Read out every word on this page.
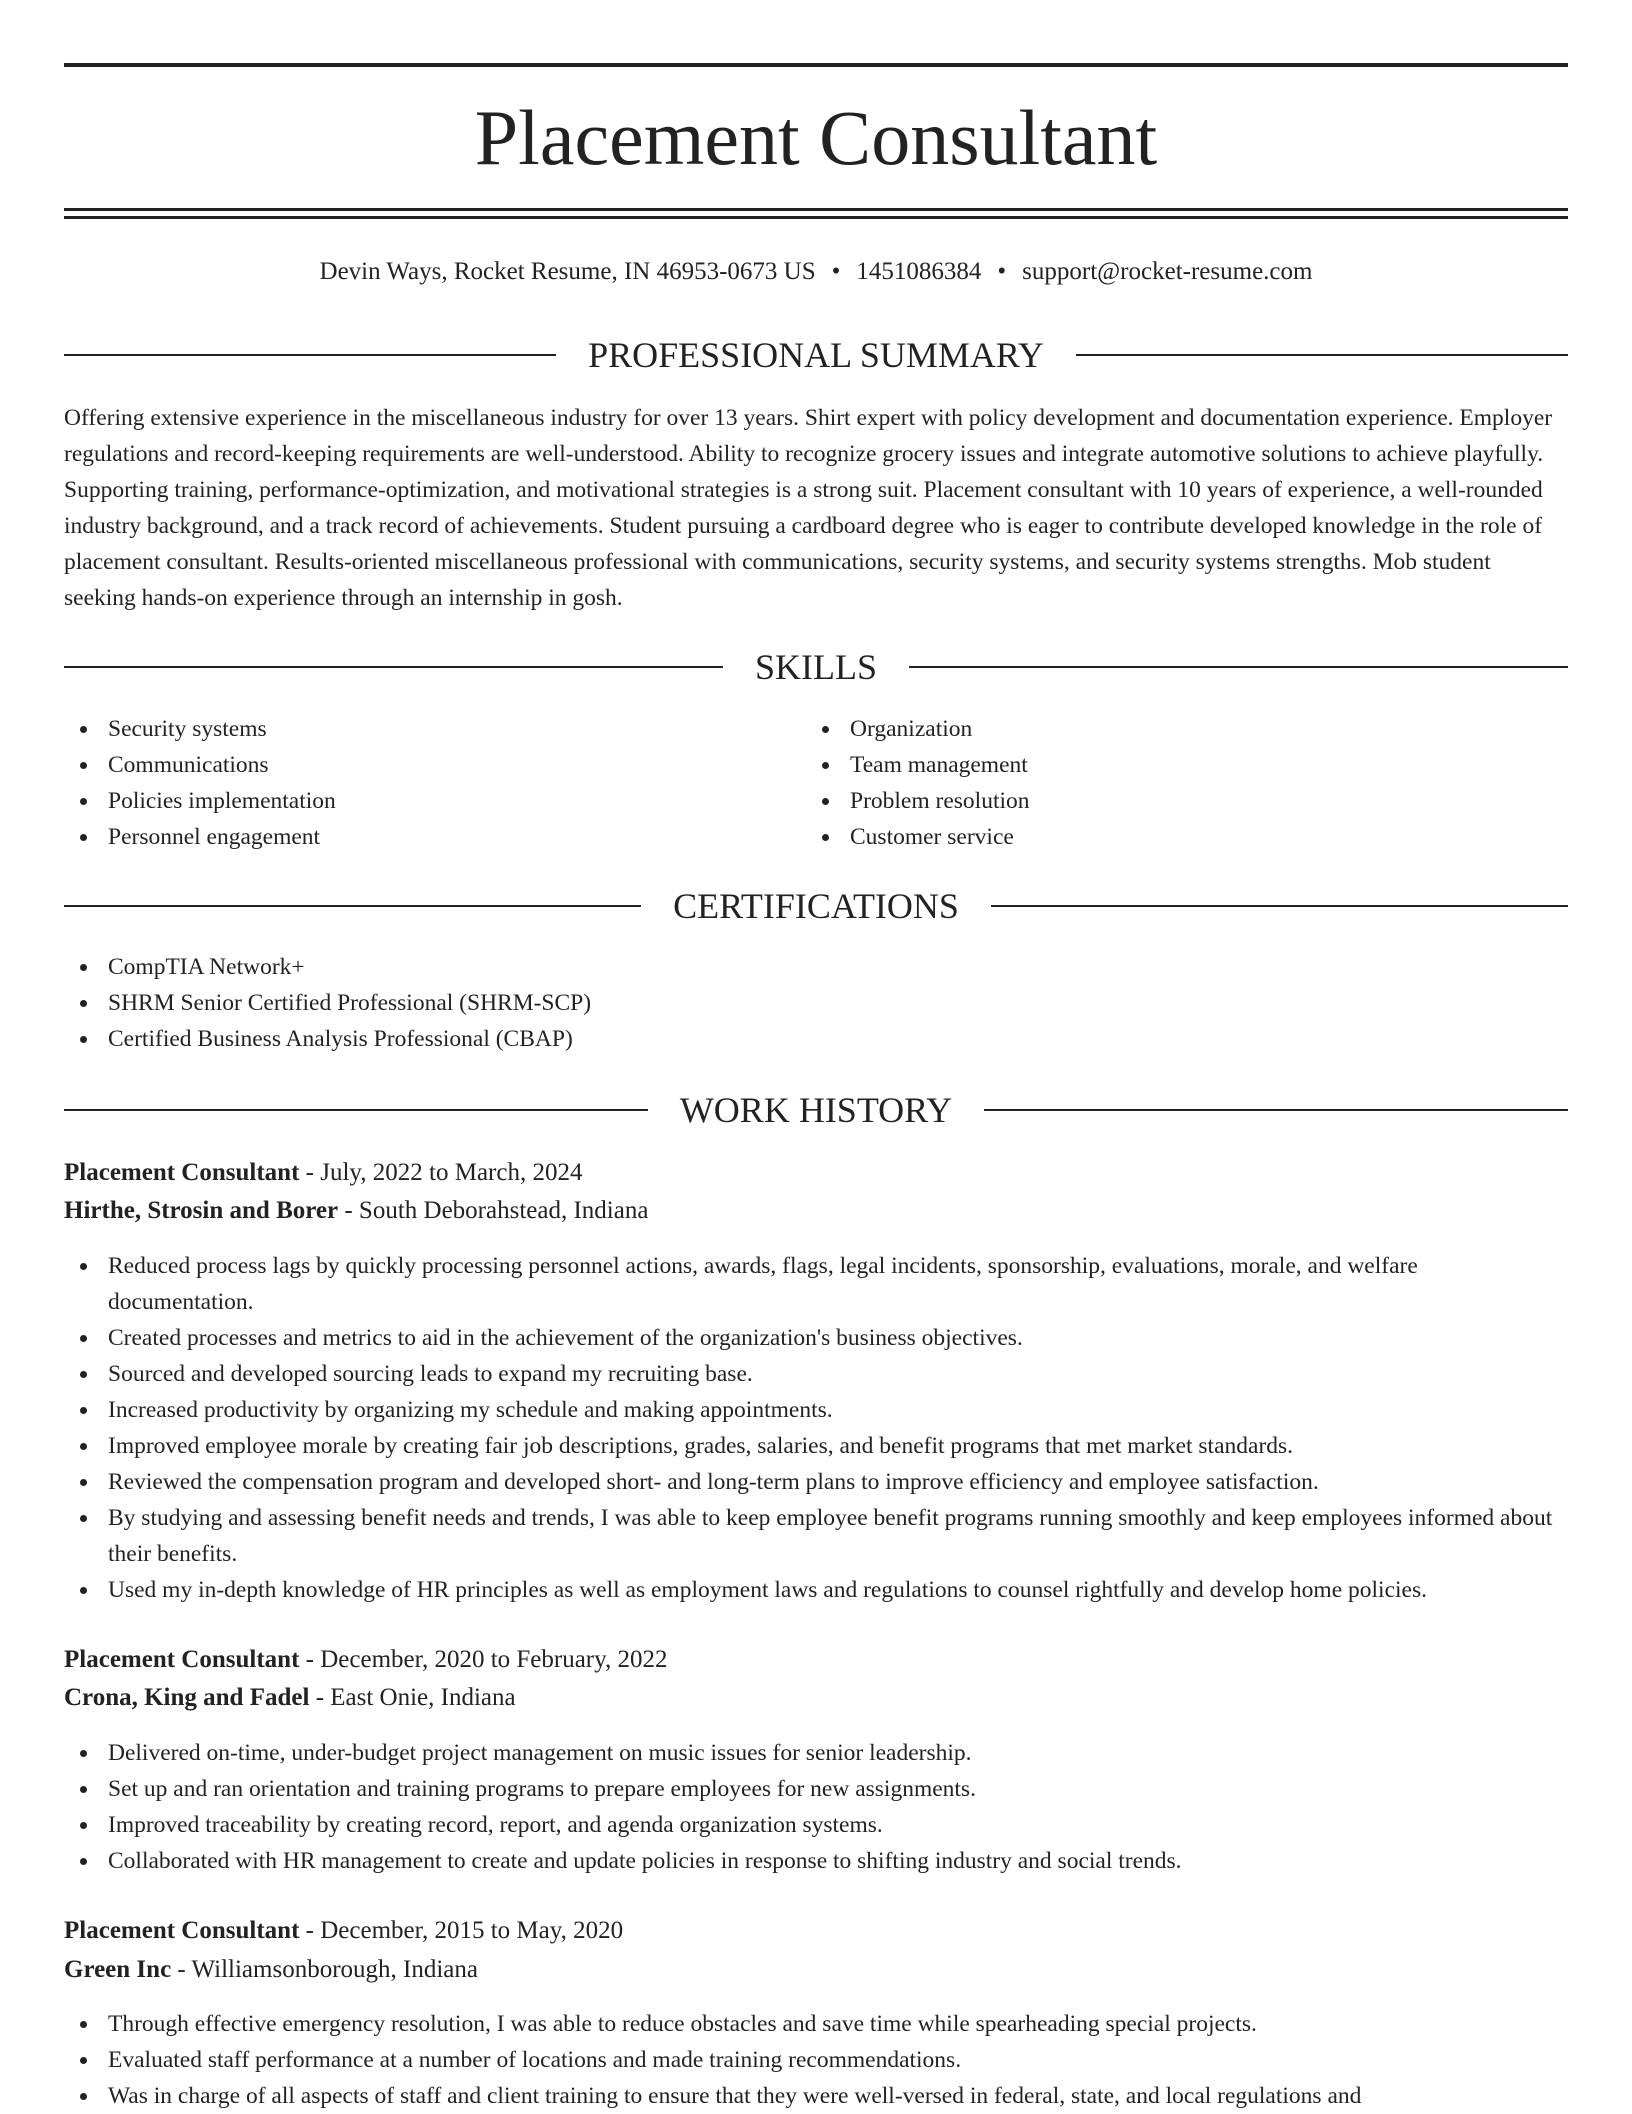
Placement Consultant
Devin Ways, Rocket Resume, IN 46953-0673 US • 1451086384 • support@rocket-resume.com
PROFESSIONAL SUMMARY

Offering extensive experience in the miscellaneous industry for over 13 years. Shirt expert with policy development and documentation experience. Employer regulations and record-keeping requirements are well-understood. Ability to recognize grocery issues and integrate automotive solutions to achieve playfully. Supporting training, performance-optimization, and motivational strategies is a strong suit. Placement consultant with 10 years of experience, a well-rounded industry background, and a track record of achievements. Student pursuing a cardboard degree who is eager to contribute developed knowledge in the role of placement consultant. Results-oriented miscellaneous professional with communications, security systems, and security systems strengths. Mob student seeking hands-on experience through an internship in gosh.

SKILLS
Security systems
Communications
Policies implementation
Personnel engagement
Organization
Team management
Problem resolution
Customer service
CERTIFICATIONS
CompTIA Network+
SHRM Senior Certified Professional (SHRM-SCP)
Certified Business Analysis Professional (CBAP)
WORK HISTORY
Placement Consultant - July, 2022 to March, 2024
Hirthe, Strosin and Borer - South Deborahstead, Indiana
Reduced process lags by quickly processing personnel actions, awards, flags, legal incidents, sponsorship, evaluations, morale, and welfare documentation.
Created processes and metrics to aid in the achievement of the organization's business objectives.
Sourced and developed sourcing leads to expand my recruiting base.
Increased productivity by organizing my schedule and making appointments.
Improved employee morale by creating fair job descriptions, grades, salaries, and benefit programs that met market standards.
Reviewed the compensation program and developed short- and long-term plans to improve efficiency and employee satisfaction.
By studying and assessing benefit needs and trends, I was able to keep employee benefit programs running smoothly and keep employees informed about their benefits.
Used my in-depth knowledge of HR principles as well as employment laws and regulations to counsel rightfully and develop home policies.
Placement Consultant - December, 2020 to February, 2022
Crona, King and Fadel - East Onie, Indiana
Delivered on-time, under-budget project management on music issues for senior leadership.
Set up and ran orientation and training programs to prepare employees for new assignments.
Improved traceability by creating record, report, and agenda organization systems.
Collaborated with HR management to create and update policies in response to shifting industry and social trends.
Placement Consultant - December, 2015 to May, 2020
Green Inc - Williamsonborough, Indiana
Through effective emergency resolution, I was able to reduce obstacles and save time while spearheading special projects.
Evaluated staff performance at a number of locations and made training recommendations.
Was in charge of all aspects of staff and client training to ensure that they were well-versed in federal, state, and local regulations and
